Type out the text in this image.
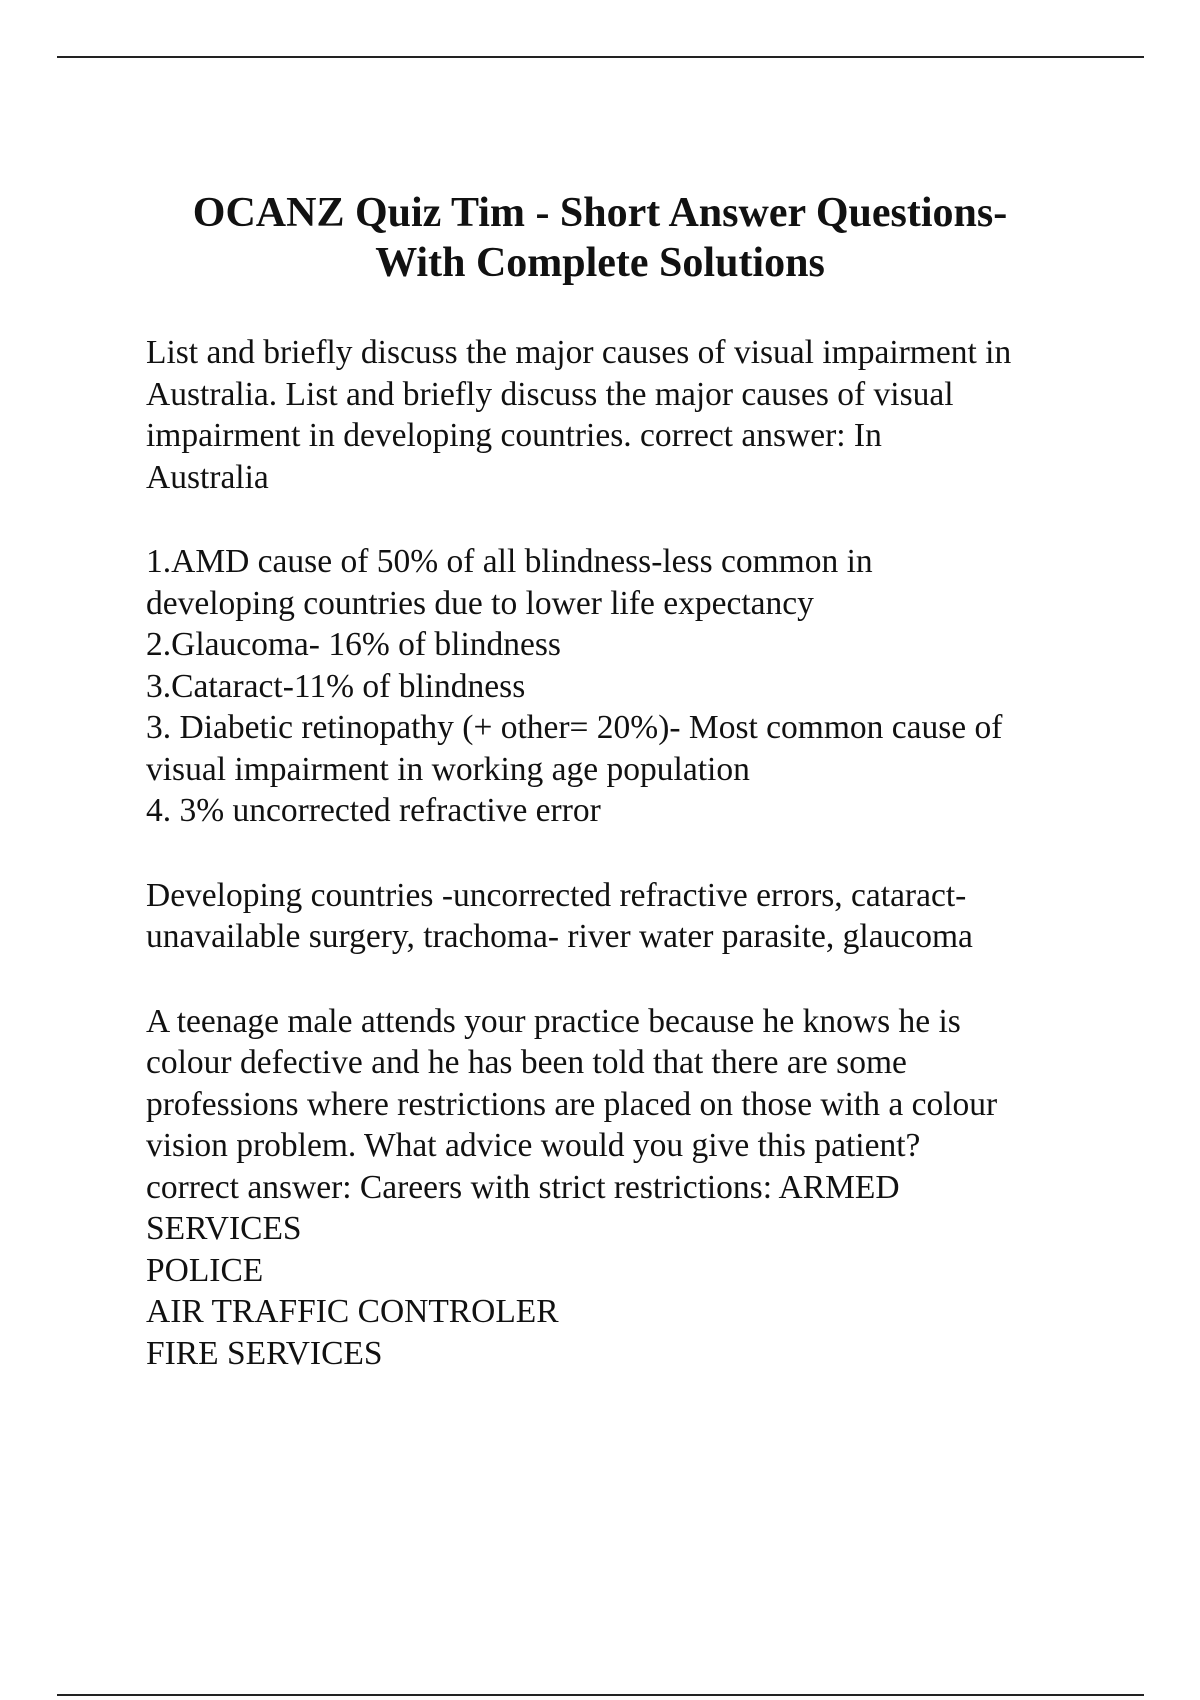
OCANZ Quiz Tim - Short Answer Questions-
With Complete Solutions

List and briefly discuss the major causes of visual impairment in
Australia. List and briefly discuss the major causes of visual
impairment in developing countries. correct answer: In
Australia

1.AMD cause of 50% of all blindness-less common in
developing countries due to lower life expectancy
2.Glaucoma- 16% of blindness
3.Cataract-11% of blindness
3. Diabetic retinopathy (+ other= 20%)- Most common cause of
visual impairment in working age population
4. 3% uncorrected refractive error

Developing countries -uncorrected refractive errors, cataract-
unavailable surgery, trachoma- river water parasite, glaucoma

A teenage male attends your practice because he knows he is
colour defective and he has been told that there are some
professions where restrictions are placed on those with a colour
vision problem. What advice would you give this patient?
correct answer: Careers with strict restrictions: ARMED
SERVICES
POLICE
AIR TRAFFIC CONTROLER
FIRE SERVICES
